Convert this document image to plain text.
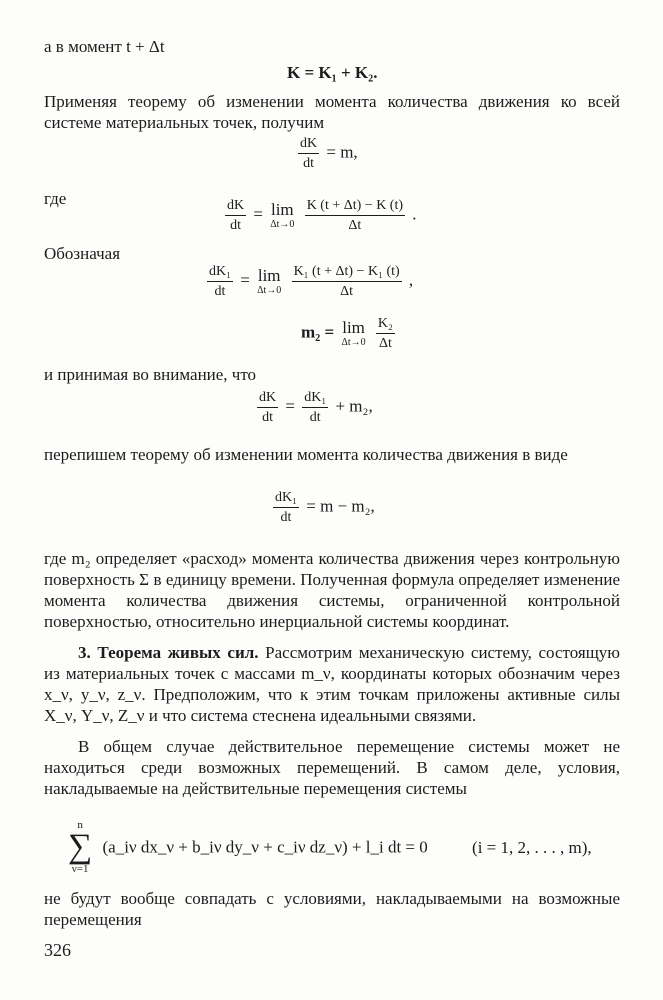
а в момент t + Δt

K = K₁ + K₂.

Применяя теорему об изменении момента количества движения ко всей системе материальных точек, получим

$\frac{dK}{dt} = m$,

где	$\frac{dK}{dt} = \lim$
Δt→0
$\frac{K (t + \Delta t) - K (t)}{\Delta t}$ .

Обозначая

$\frac{\text{dK₁}}{dt} = \lim$
Δt→0
$\frac{\text{K₁ (t + Δt) − K₁ (t)}}{\Delta t}$ ,
m₂ = lim
Δt→0
$\frac{\text{K₂}}{\Delta t}$

и принимая во внимание, что

$\frac{dK}{dt} = \frac{\text{dK₁}}{dt} + m_2$,

перепишем теорему об изменении момента количества движения в виде

$\frac{\text{dK₁}}{dt} = m - m_2$,

где m₂ определяет «расход» момента количества движения через контрольную поверхность Σ в единицу времени. Полученная формула определяет изменение момента количества движения системы, ограниченной контрольной поверхностью, относительно инерциальной системы координат.

3. Теорема живых сил. Рассмотрим механическую систему, состоящую из материальных точек с массами m_ν, координаты которых обозначим через x_ν, y_ν, z_ν. Предположим, что к этим точкам приложены активные силы X_ν, Y_ν, Z_ν и что система стеснена идеальными связями.

В общем случае действительное перемещение системы может не находиться среди возможных перемещений. В самом деле, условия, накладываемые на действительные перемещения системы

n
∑
ν=1
(a_iν dx_ν + b_iν dy_ν + c_iν dz_ν) + l_i dt = 0	(i = 1, 2, . . . , m),

не будут вообще совпадать с условиями, накладываемыми на возможные перемещения

326
